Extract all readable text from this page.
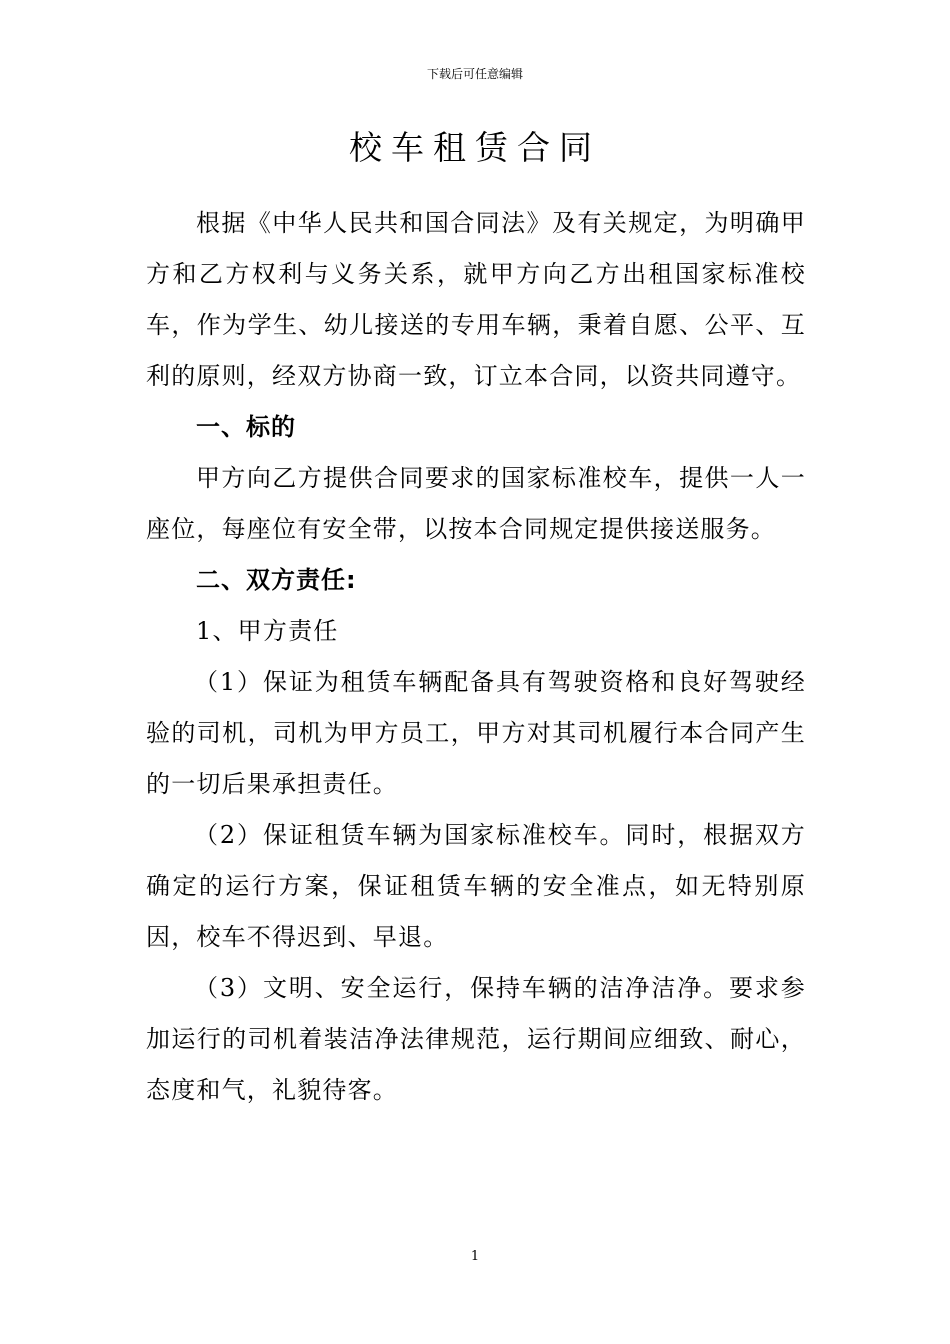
下载后可任意编辑
校车租赁合同

根据《中华人民共和国合同法》及有关规定，为明确甲方和乙方权利与义务关系，就甲方向乙方出租国家标准校车，作为学生、幼儿接送的专用车辆，秉着自愿、公平、互利的原则，经双方协商一致，订立本合同，以资共同遵守。

一、标的

甲方向乙方提供合同要求的国家标准校车，提供一人一座位，每座位有安全带，以按本合同规定提供接送服务。

二、双方责任:

1、甲方责任

（1）保证为租赁车辆配备具有驾驶资格和良好驾驶经验的司机，司机为甲方员工，甲方对其司机履行本合同产生的一切后果承担责任。

（2）保证租赁车辆为国家标准校车。同时，根据双方确定的运行方案，保证租赁车辆的安全准点，如无特别原因，校车不得迟到、早退。

（3）文明、安全运行，保持车辆的洁净洁净。要求参加运行的司机着装洁净法律规范，运行期间应细致、耐心，态度和气，礼貌待客。

1
